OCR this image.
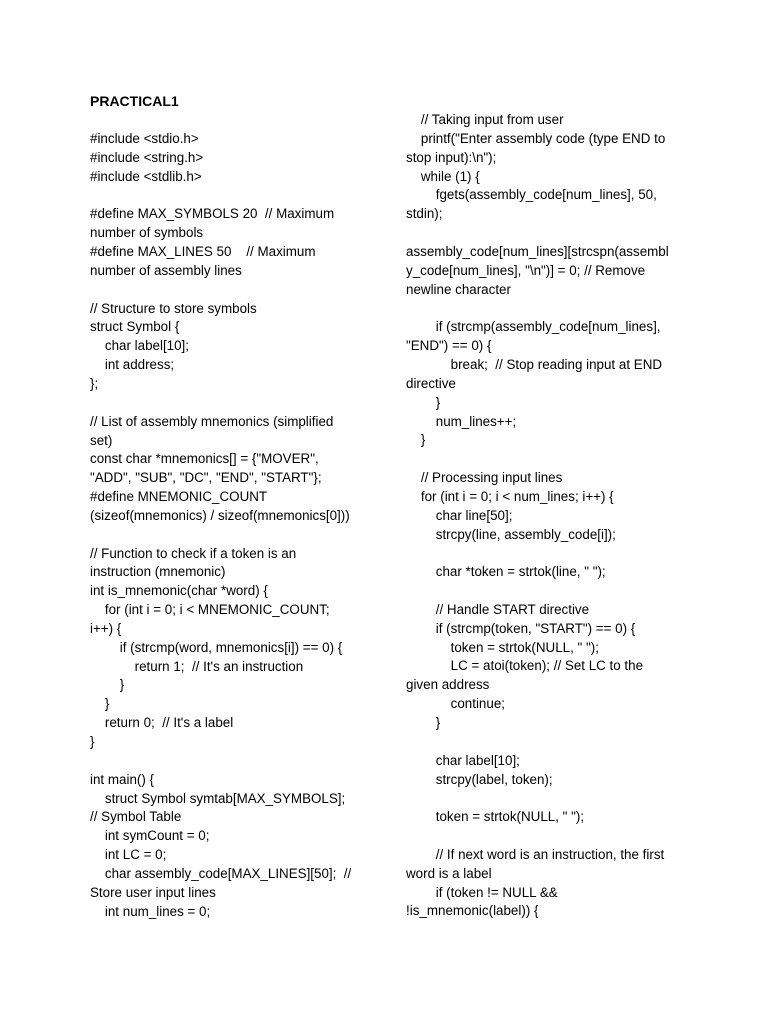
PRACTICAL1
#include <stdio.h>
#include <string.h>
#include <stdlib.h>
#define MAX_SYMBOLS 20  // Maximum
number of symbols
#define MAX_LINES 50    // Maximum
number of assembly lines
// Structure to store symbols
struct Symbol {
char label[10];
int address;
};
// List of assembly mnemonics (simplified
set)
const char *mnemonics[] = {"MOVER",
"ADD", "SUB", "DC", "END", "START"};
#define MNEMONIC_COUNT
(sizeof(mnemonics) / sizeof(mnemonics[0]))
// Function to check if a token is an
instruction (mnemonic)
int is_mnemonic(char *word) {
for (int i = 0; i < MNEMONIC_COUNT;
i++) {
if (strcmp(word, mnemonics[i]) == 0) {
return 1;  // It's an instruction
}
}
return 0;  // It's a label
}
int main() {
struct Symbol symtab[MAX_SYMBOLS];
// Symbol Table
int symCount = 0;
int LC = 0;
char assembly_code[MAX_LINES][50];  //
Store user input lines
int num_lines = 0;
// Taking input from user
printf("Enter assembly code (type END to
stop input):\n");
while (1) {
fgets(assembly_code[num_lines], 50,
stdin);
assembly_code[num_lines][strcspn(assembl
y_code[num_lines], "\n")] = 0; // Remove
newline character
if (strcmp(assembly_code[num_lines],
"END") == 0) {
break;  // Stop reading input at END
directive
}
num_lines++;
}
// Processing input lines
for (int i = 0; i < num_lines; i++) {
char line[50];
strcpy(line, assembly_code[i]);
char *token = strtok(line, " ");
// Handle START directive
if (strcmp(token, "START") == 0) {
token = strtok(NULL, " ");
LC = atoi(token); // Set LC to the
given address
continue;
}
char label[10];
strcpy(label, token);
token = strtok(NULL, " ");
// If next word is an instruction, the first
word is a label
if (token != NULL &&
!is_mnemonic(label)) {
